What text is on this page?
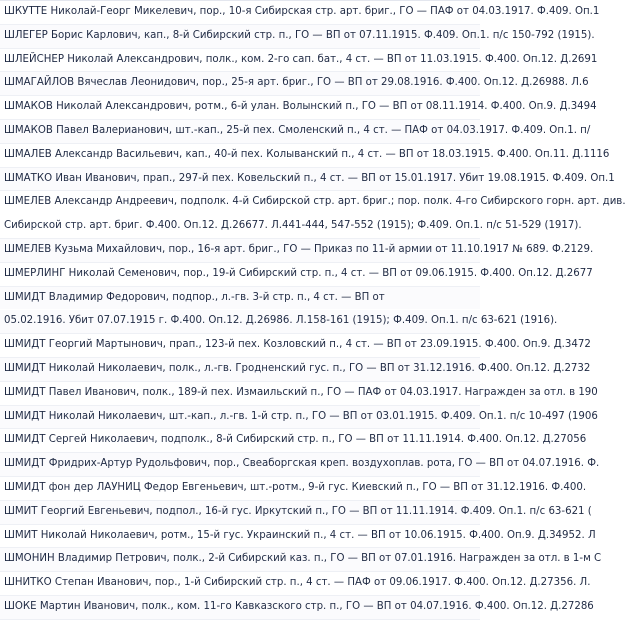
ШКУТТЕ Николай-Георг Микелевич, пор., 10-я Сибирская стр. арт. бриг., ГО — ПАФ от 04.03.1917. Ф.409. Оп.1
ШЛЕГЕР Борис Карлович, кап., 8-й Сибирский стр. п., ГО — ВП от 07.11.1915. Ф.409. Оп.1. п/с 150-792 (1915).
ШЛЕЙСНЕР Николай Александрович, полк., ком. 2-го сап. бат., 4 ст. — ВП от 11.03.1915. Ф.400. Оп.12. Д.2691
ШМАГАЙЛОВ Вячеслав Леонидович, пор., 25-я арт. бриг., ГО — ВП от 29.08.1916. Ф.400. Оп.12. Д.26988. Л.6
ШМАКОВ Николай Александрович, ротм., 6-й улан. Волынский п., ГО — ВП от 08.11.1914. Ф.400. Оп.9. Д.3494
ШМАКОВ Павел Валерианович, шт.-кап., 25-й пех. Смоленский п., 4 ст. — ПАФ от 04.03.1917. Ф.409. Оп.1. п/
ШМАЛЕВ Александр Васильевич, кап., 40-й пех. Колыванский п., 4 ст. — ВП от 18.03.1915. Ф.400. Оп.11. Д.1116
ШМАТКО Иван Иванович, прап., 297-й пех. Ковельский п., 4 ст. — ВП от 15.01.1917. Убит 19.08.1915. Ф.409. Оп.1
ШМЕЛЕВ Александр Андреевич, подполк. 4-й Сибирской стр. арт. бриг.; пор. полк. 4-го Сибирского горн. арт. див.
Сибирской стр. арт. бриг. Ф.400. Оп.12. Д.26677. Л.441-444, 547-552 (1915); Ф.409. Оп.1. п/с 51-529 (1917).
ШМЕЛЕВ Кузьма Михайлович, пор., 16-я арт. бриг., ГО — Приказ по 11-й армии от 11.10.1917 № 689. Ф.2129.
ШМЕРЛИНГ Николай Семенович, пор., 19-й Сибирский стр. п., 4 ст. — ВП от 09.06.1915. Ф.400. Оп.12. Д.2677
ШМИДТ Владимир Федорович, подпор., л.-гв. 3-й стр. п., 4 ст. — ВП от
05.02.1916. Убит 07.07.1915 г. Ф.400. Оп.12. Д.26986. Л.158-161 (1915); Ф.409. Оп.1. п/с 63-621 (1916).
ШМИДТ Георгий Мартынович, прап., 123-й пех. Козловский п., 4 ст. — ВП от 23.09.1915. Ф.400. Оп.9. Д.3472
ШМИДТ Николай Николаевич, полк., л.-гв. Гродненский гус. п., ГО — ВП от 31.12.1916. Ф.400. Оп.12. Д.2732
ШМИДТ Павел Иванович, полк., 189-й пех. Измаильский п., ГО — ПАФ от 04.03.1917. Награжден за отл. в 190
ШМИДТ Николай Николаевич, шт.-кап., л.-гв. 1-й стр. п., ГО — ВП от 03.01.1915. Ф.409. Оп.1. п/с 10-497 (1906
ШМИДТ Сергей Николаевич, подполк., 8-й Сибирский стр. п., ГО — ВП от 11.11.1914. Ф.400. Оп.12. Д.27056
ШМИДТ Фридрих-Артур Рудольфович, пор., Свеаборгская креп. воздухоплав. рота, ГО — ВП от 04.07.1916. Ф.
ШМИДТ фон дер ЛАУНИЦ Федор Евгеньевич, шт.-ротм., 9-й гус. Киевский п., ГО — ВП от 31.12.1916. Ф.400.
ШМИТ Георгий Евгеньевич, подпол., 16-й гус. Иркутский п., ГО — ВП от 11.11.1914. Ф.409. Оп.1. п/с 63-621 (
ШМИТ Николай Николаевич, ротм., 15-й гус. Украинский п., 4 ст. — ВП от 10.06.1915. Ф.400. Оп.9. Д.34952. Л
ШМОНИН Владимир Петрович, полк., 2-й Сибирский каз. п., ГО — ВП от 07.01.1916. Награжден за отл. в 1-м С
ШНИТКО Степан Иванович, пор., 1-й Сибирский стр. п., 4 ст. — ПАФ от 09.06.1917. Ф.400. Оп.12. Д.27356. Л.
ШОКЕ Мартин Иванович, полк., ком. 11-го Кавказского стр. п., ГО — ВП от 04.07.1916. Ф.400. Оп.12. Д.27286
